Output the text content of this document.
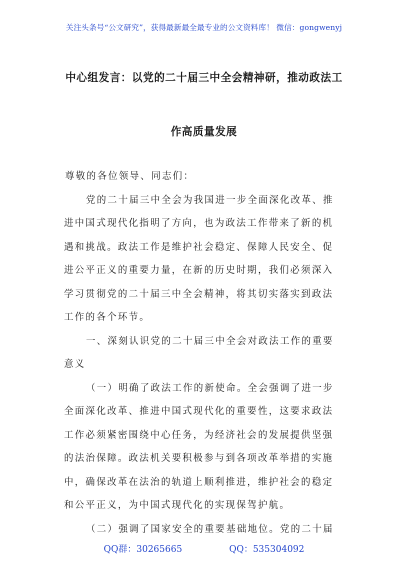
关注头条号“公文研究”，获得最新最全最专业的公文资料库！ 微信：gongwenyj
中心组发言：以党的二十届三中全会精神研，推动政法工
作高质量发展
QQ群：30265665	QQ：535304092
尊敬的各位领导、同志们：
党的二十届三中全会为我国进一步全面深化改革、推
进中国式现代化指明了方向，也为政法工作带来了新的机
遇和挑战。政法工作是维护社会稳定、保障人民安全、促
进公平正义的重要力量，在新的历史时期，我们必须深入
学习贯彻党的二十届三中全会精神，将其切实落实到政法
工作的各个环节。
一、深刻认识党的二十届三中全会对政法工作的重要
意义
（一）明确了政法工作的新使命。全会强调了进一步
全面深化改革、推进中国式现代化的重要性，这要求政法
工作必须紧密围绕中心任务，为经济社会的发展提供坚强
的法治保障。政法机关要积极参与到各项改革举措的实施
中，确保改革在法治的轨道上顺利推进，维护社会的稳定
和公平正义，为中国式现代化的实现保驾护航。
（二）强调了国家安全的重要基础地位。党的二十届
